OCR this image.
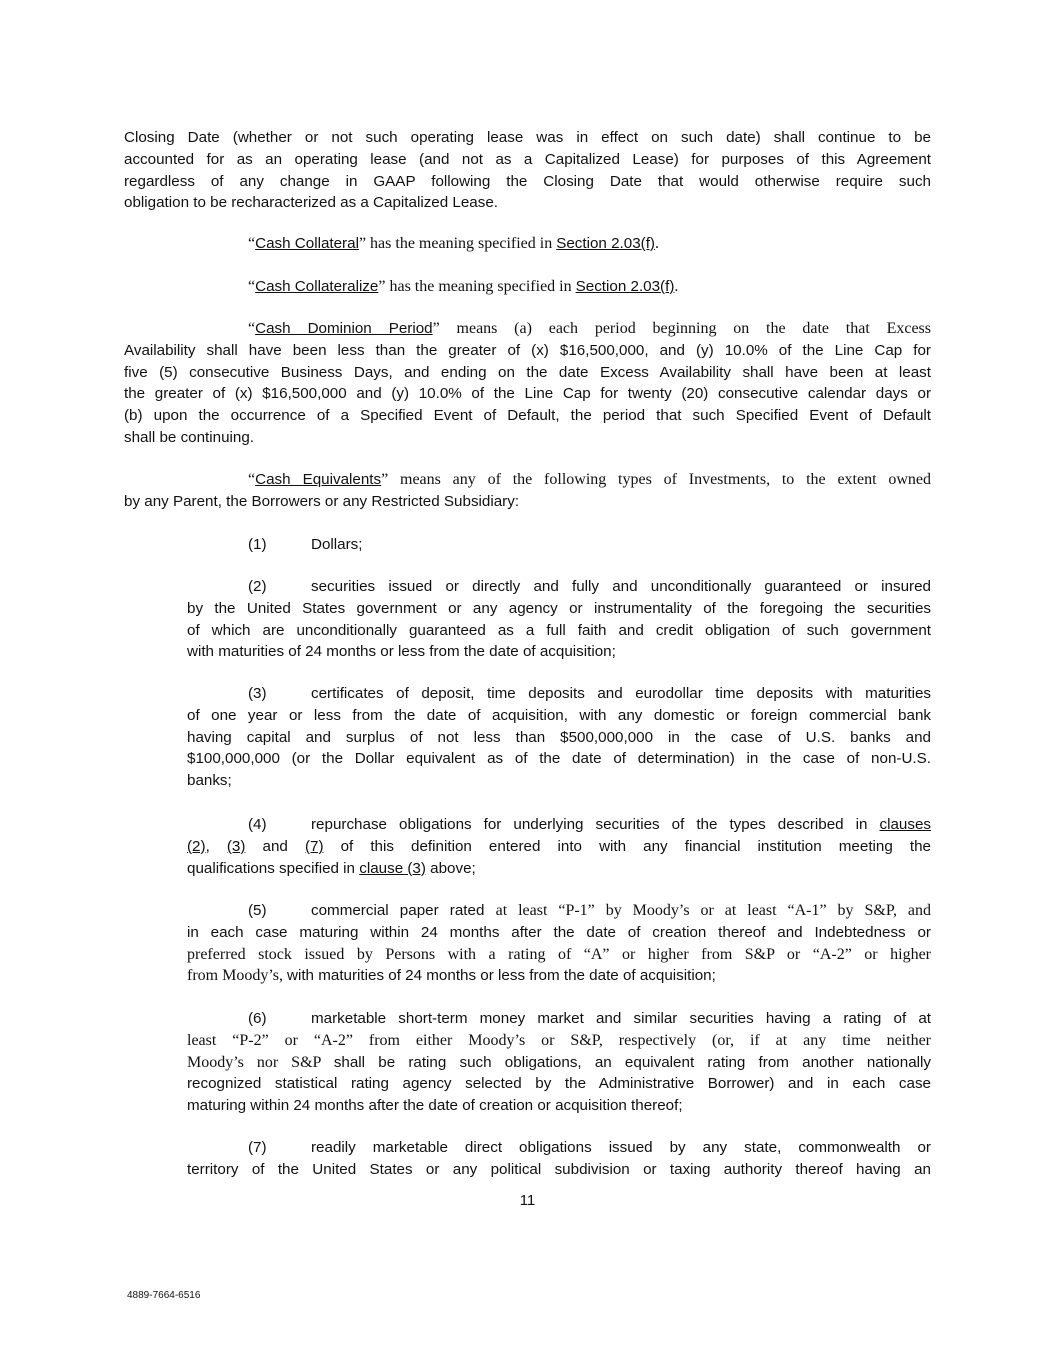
Closing Date (whether or not such operating lease was in effect on such date) shall continue to be
accounted for as an operating lease (and not as a Capitalized Lease) for purposes of this Agreement
regardless of any change in GAAP following the Closing Date that would otherwise require such
obligation to be recharacterized as a Capitalized Lease.
“Cash Collateral” has the meaning specified in Section 2.03(f).
“Cash Collateralize” has the meaning specified in Section 2.03(f).
“Cash Dominion Period” means (a) each period beginning on the date that Excess
Availability shall have been less than the greater of (x) $16,500,000, and (y) 10.0% of the Line Cap for
five (5) consecutive Business Days, and ending on the date Excess Availability shall have been at least
the greater of (x) $16,500,000 and (y) 10.0% of the Line Cap for twenty (20) consecutive calendar days or
(b) upon the occurrence of a Specified Event of Default, the period that such Specified Event of Default
shall be continuing.
“Cash Equivalents” means any of the following types of Investments, to the extent owned
by any Parent, the Borrowers or any Restricted Subsidiary:
(1)	Dollars;
(2)	securities issued or directly and fully and unconditionally guaranteed or insured
by the United States government or any agency or instrumentality of the foregoing the securities
of which are unconditionally guaranteed as a full faith and credit obligation of such government
with maturities of 24 months or less from the date of acquisition;
(3)	certificates of deposit, time deposits and eurodollar time deposits with maturities
of one year or less from the date of acquisition, with any domestic or foreign commercial bank
having capital and surplus of not less than $500,000,000 in the case of U.S. banks and
$100,000,000 (or the Dollar equivalent as of the date of determination) in the case of non-U.S.
banks;
(4)	repurchase obligations for underlying securities of the types described in clauses
(2), (3) and (7) of this definition entered into with any financial institution meeting the
qualifications specified in clause (3) above;
(5)	commercial paper rated at least “P-1” by Moody’s or at least “A-1” by S&P, and
in each case maturing within 24 months after the date of creation thereof and Indebtedness or
preferred stock issued by Persons with a rating of “A” or higher from S&P or “A-2” or higher
from Moody’s, with maturities of 24 months or less from the date of acquisition;
(6)	marketable short-term money market and similar securities having a rating of at
least “P-2” or “A-2” from either Moody’s or S&P, respectively (or, if at any time neither
Moody’s nor S&P shall be rating such obligations, an equivalent rating from another nationally
recognized statistical rating agency selected by the Administrative Borrower) and in each case
maturing within 24 months after the date of creation or acquisition thereof;
(7)	readily marketable direct obligations issued by any state, commonwealth or
territory of the United States or any political subdivision or taxing authority thereof having an
11
4889-7664-6516
